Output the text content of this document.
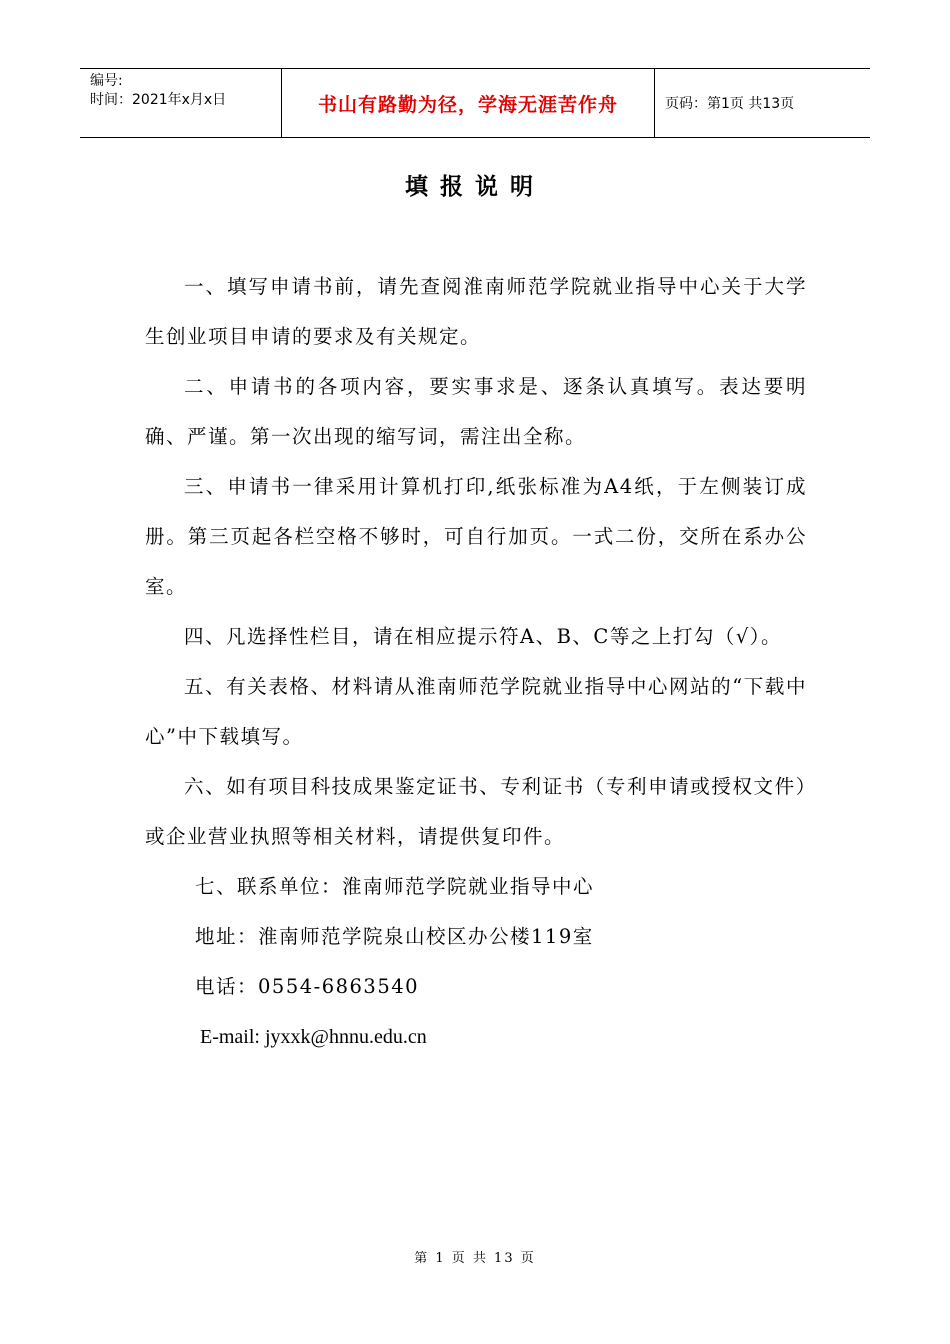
编号:
时间：2021年x月x日	书山有路勤为径，学海无涯苦作舟	页码：第1页 共13页
填报说明

一、填写申请书前，请先查阅淮南师范学院就业指导中心关于大学生创业项目申请的要求及有关规定。

二、申请书的各项内容，要实事求是、逐条认真填写。表达要明确、严谨。第一次出现的缩写词，需注出全称。

三、申请书一律采用计算机打印,纸张标准为A4纸，于左侧装订成册。第三页起各栏空格不够时，可自行加页。一式二份，交所在系办公室。

四、凡选择性栏目，请在相应提示符A、B、C等之上打勾（√）。

五、有关表格、材料请从淮南师范学院就业指导中心网站的“下载中心”中下载填写。

六、如有项目科技成果鉴定证书、专利证书（专利申请或授权文件）或企业营业执照等相关材料，请提供复印件。

七、联系单位：淮南师范学院就业指导中心

地址：淮南师范学院泉山校区办公楼119室

电话：0554-6863540

E-mail: jyxxk@hnnu.edu.cn

第 1 页 共 13 页
